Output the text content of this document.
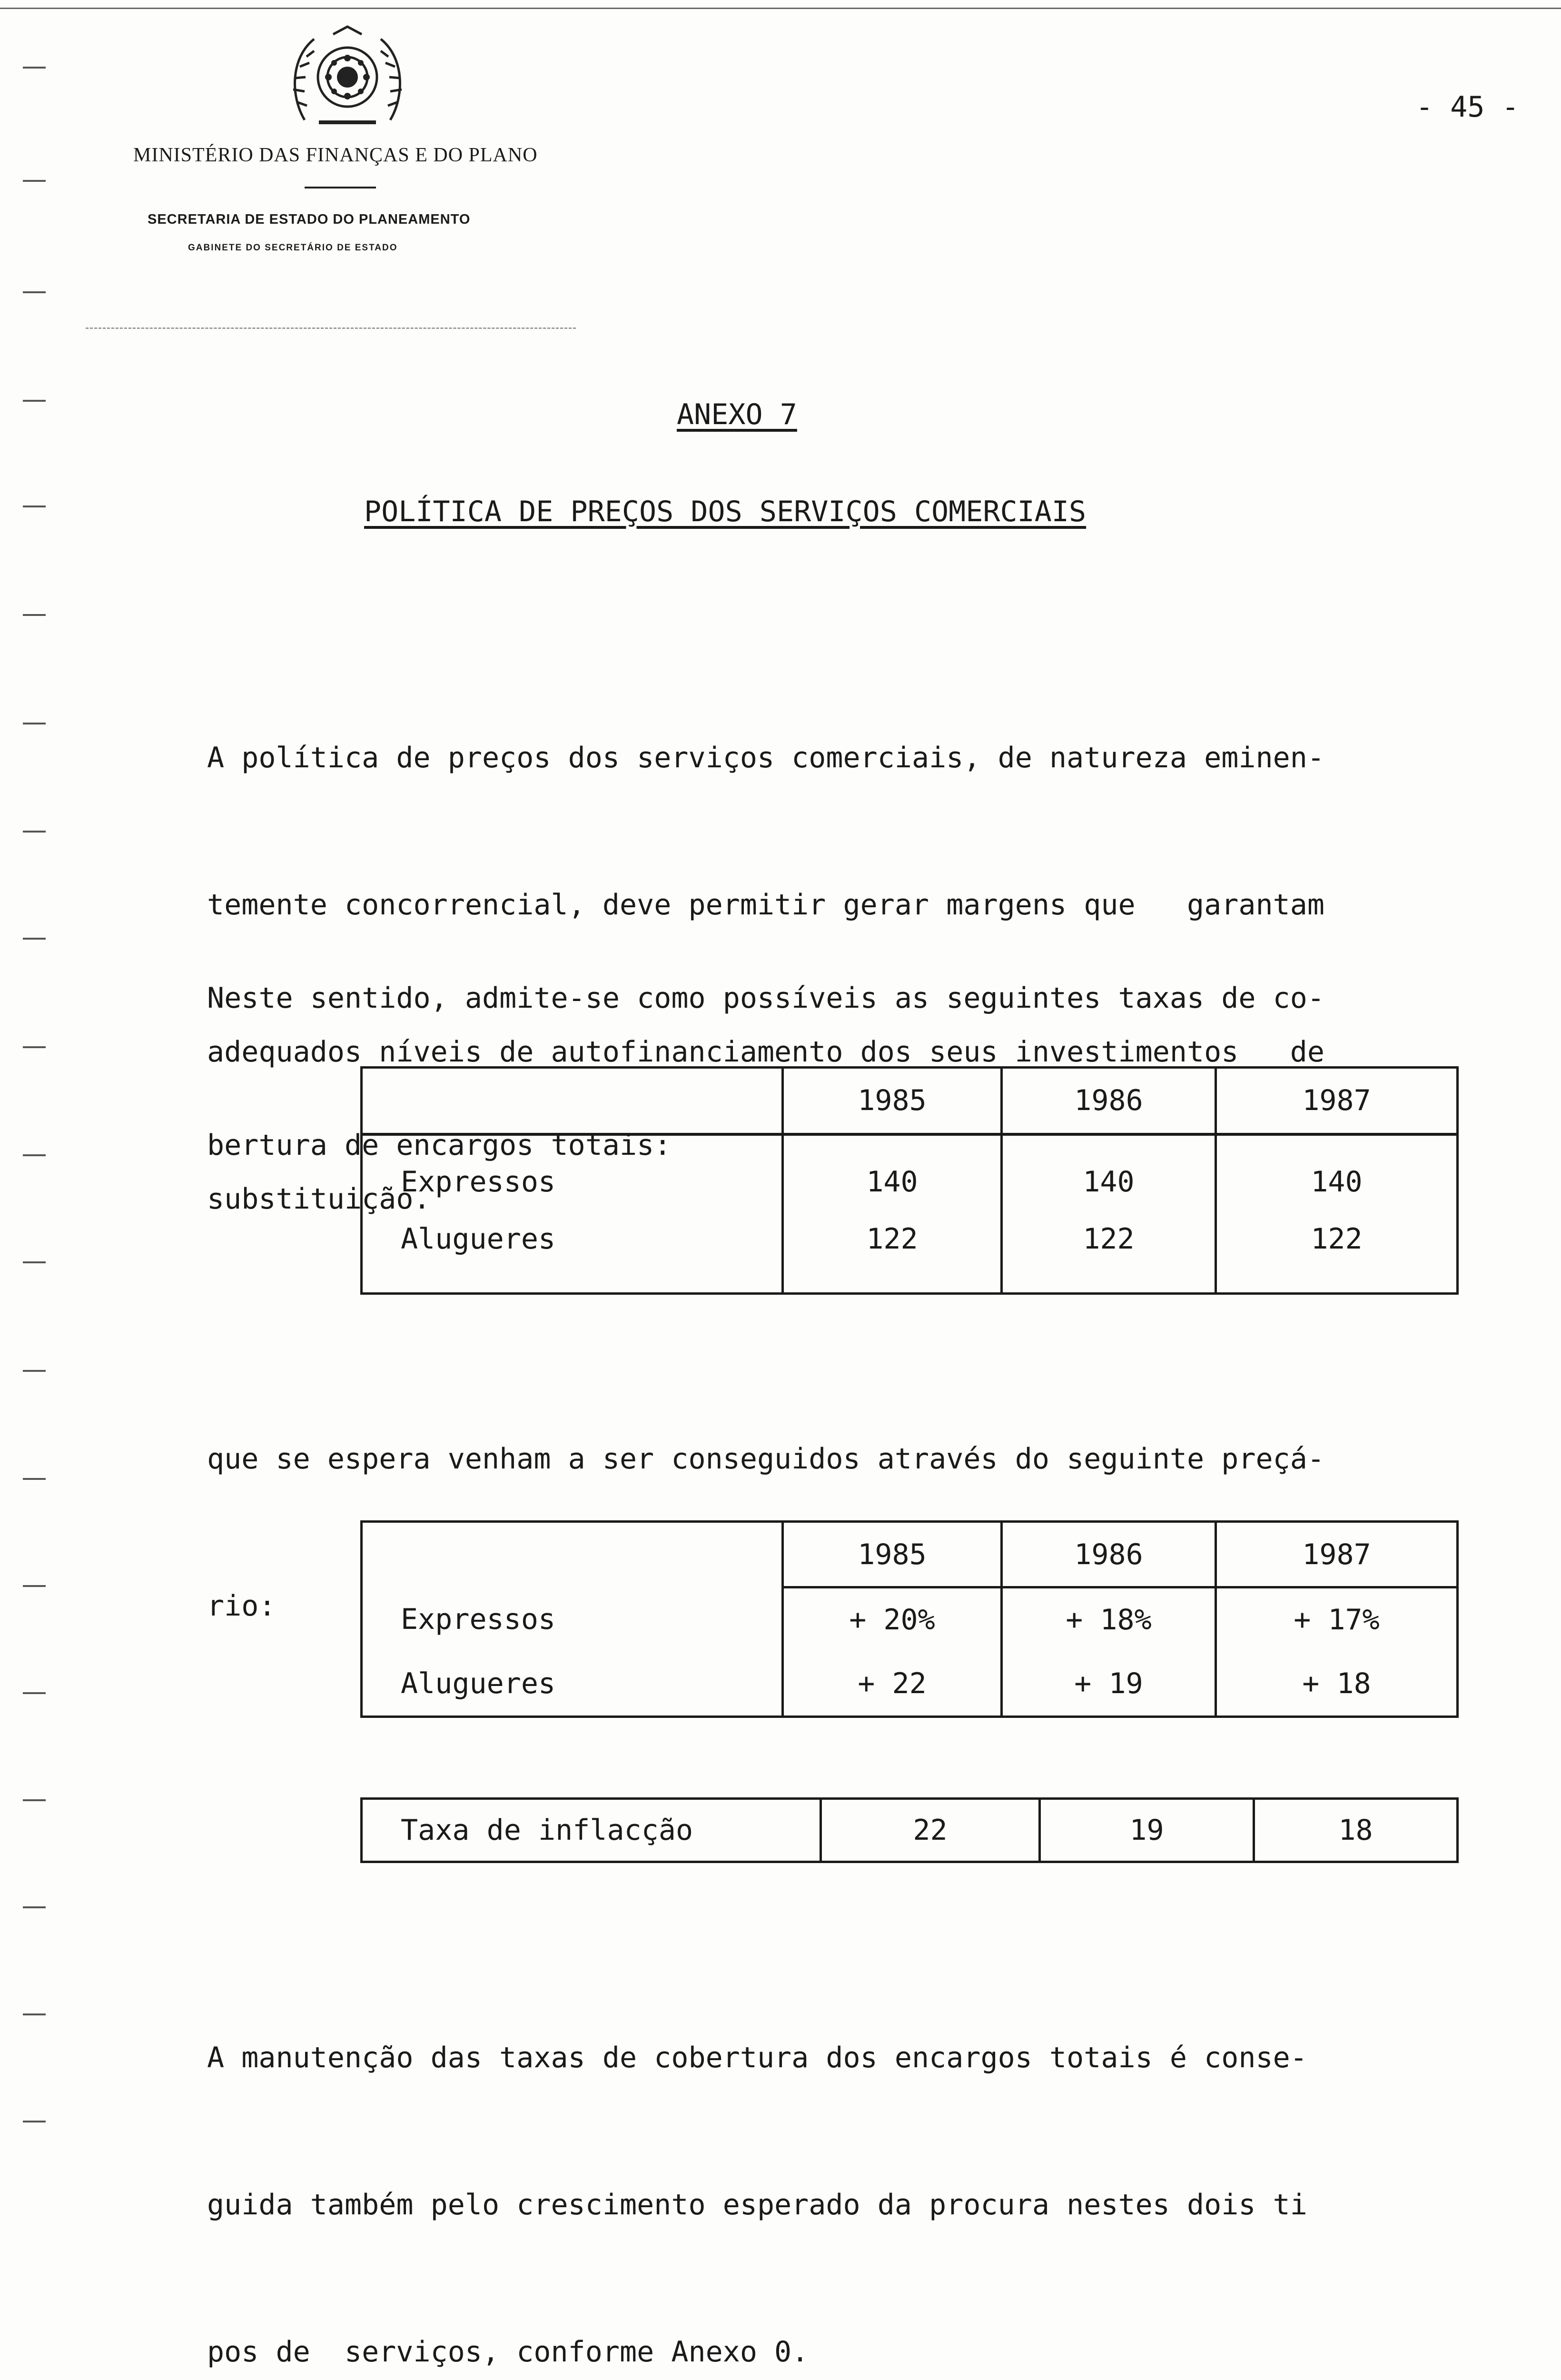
MINISTÉRIO DAS FINANÇAS E DO PLANO
SECRETARIA DE ESTADO DO PLANEAMENTO
GABINETE DO SECRETÁRIO DE ESTADO
- 45 -
ANEXO 7
POLÍTICA DE PREÇOS DOS SERVIÇOS COMERCIAIS

A política de preços dos serviços comerciais, de natureza eminen-

temente concorrencial, deve permitir gerar margens que   garantam

adequados níveis de autofinanciamento dos seus investimentos   de

substituição.

Neste sentido, admite-se como possíveis as seguintes taxas de co-

bertura de encargos totais:

	1985	1986	1987
Expressos	140	140	140
Alugueres	122	122	122

que se espera venham a ser conseguidos através do seguinte preçá-

rio:

	1985	1986	1987
Expressos	+ 20%	+ 18%	+ 17%
Alugueres	+ 22	+ 19	+ 18
Taxa de inflacção	22	19	18

A manutenção das taxas de cobertura dos encargos totais é conse-

guida também pelo crescimento esperado da procura nestes dois ti

pos de  serviços, conforme Anexo 0.
